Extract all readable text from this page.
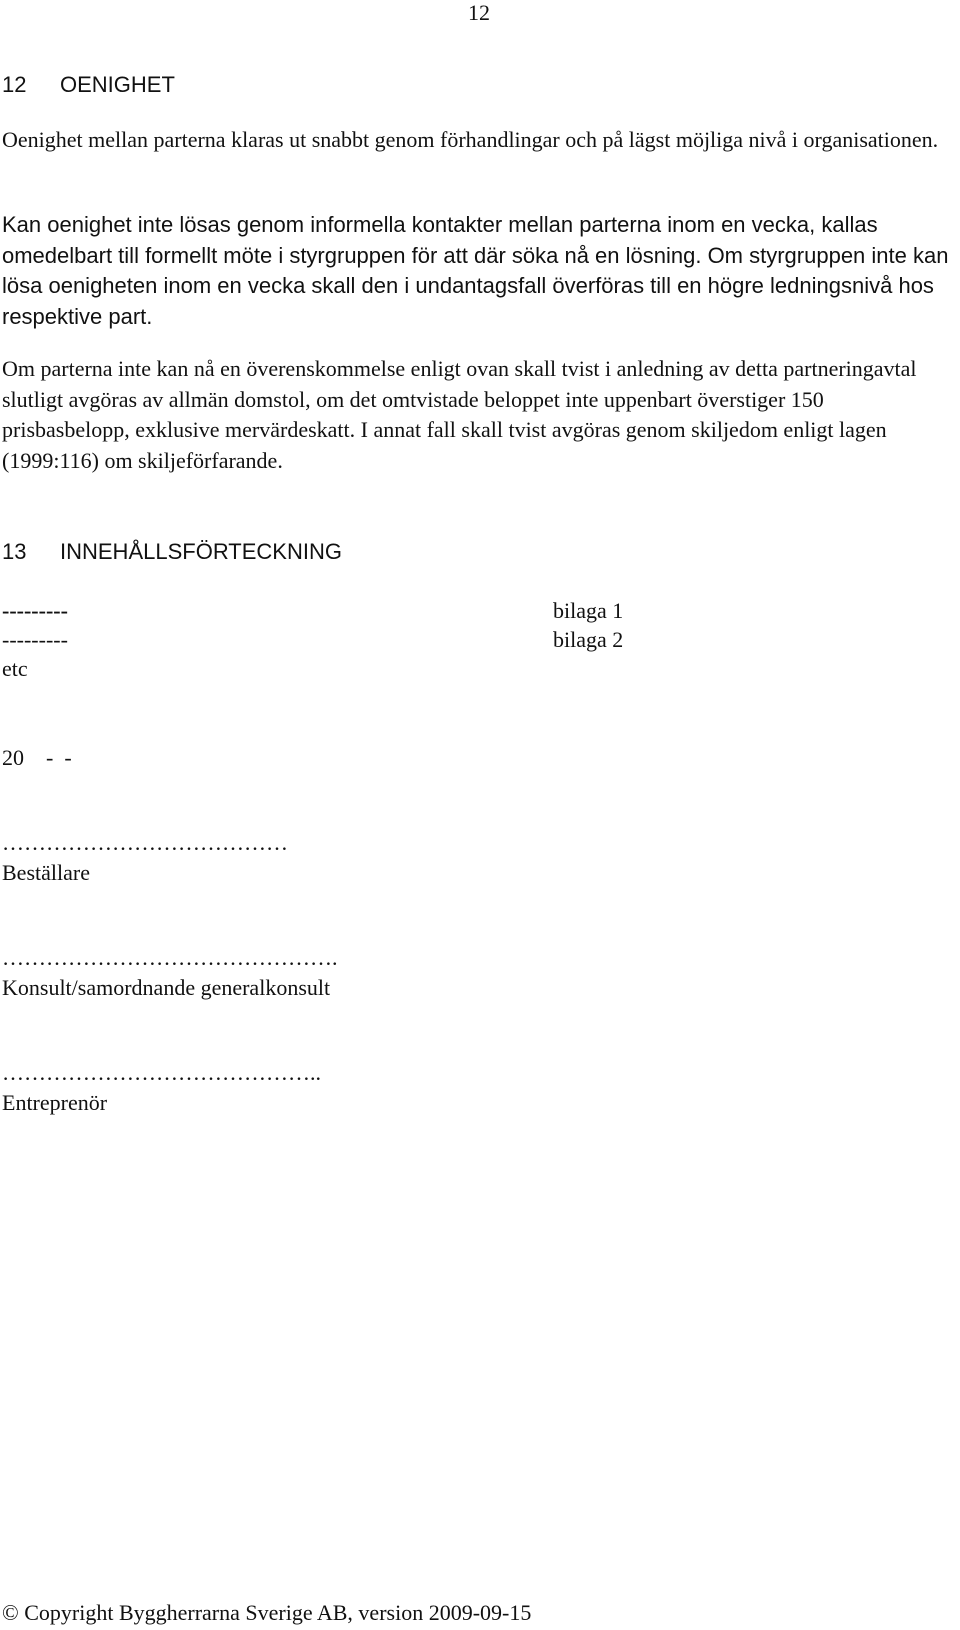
12
12 OENIGHET
Oenighet mellan parterna klaras ut snabbt genom förhandlingar och på lägst möjliga nivå i organisationen.
Kan oenighet inte lösas genom informella kontakter mellan parterna inom en vecka, kallas omedelbart till formellt möte i styrgruppen för att där söka nå en lösning. Om styrgruppen inte kan lösa oenigheten inom en vecka skall den i undantagsfall överföras till en högre ledningsnivå hos respektive part.
Om parterna inte kan nå en överenskommelse enligt ovan skall tvist i anledning av detta partneringavtal slutligt avgöras av allmän domstol, om det omtvistade beloppet inte uppenbart överstiger 150 prisbasbelopp, exklusive mervärdeskatt. I annat fall skall tvist avgöras genom skiljedom enligt lagen (1999:116) om skiljeförfarande.
13 INNEHÅLLSFÖRTECKNING
---------	bilaga 1
---------	bilaga 2
etc
20    -  -
…………………………………
Beställare
……………………………………….
Konsult/samordnande generalkonsult
……………………………………..
Entreprenör
© Copyright Byggherrarna Sverige AB, version 2009-09-15
